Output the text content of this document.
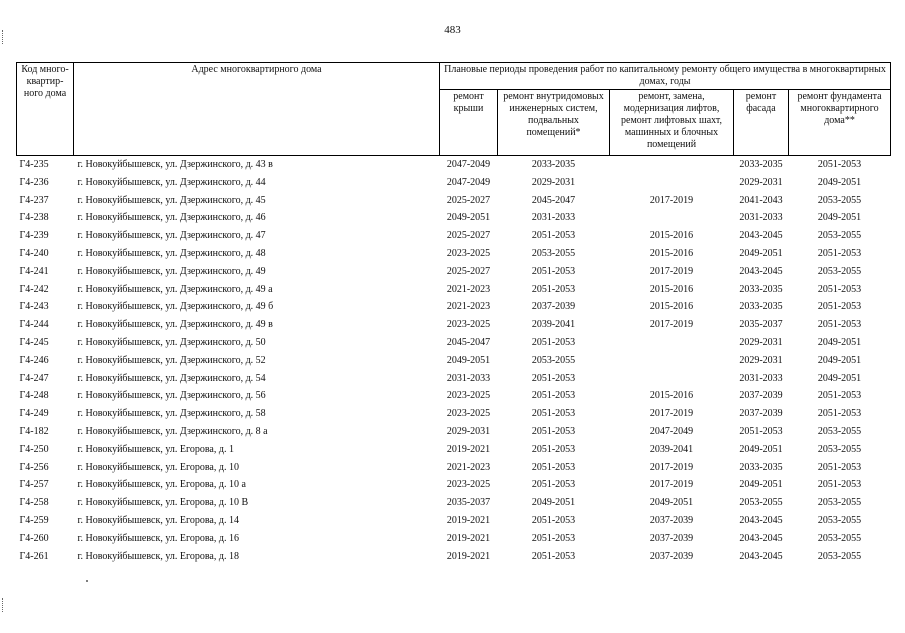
483
Код много-квартир-ного дома	Адрес многоквартирного дома	Плановые периоды проведения работ по капитальному ремонту общего имущества в многоквартирных домах, годы				
		ремонт крыши	ремонт внутридомовых инженерных систем, подвальных помещений*	ремонт, замена, модернизация лифтов, ремонт лифтовых шахт, машинных и блочных помещений	ремонт фасада	ремонт фундамента многоквартирного дома**
Г4-235	г. Новокуйбышевск, ул. Дзержинского, д. 43 в	2047-2049	2033-2035		2033-2035	2051-2053
Г4-236	г. Новокуйбышевск, ул. Дзержинского, д. 44	2047-2049	2029-2031		2029-2031	2049-2051
Г4-237	г. Новокуйбышевск, ул. Дзержинского, д. 45	2025-2027	2045-2047	2017-2019	2041-2043	2053-2055
Г4-238	г. Новокуйбышевск, ул. Дзержинского, д. 46	2049-2051	2031-2033		2031-2033	2049-2051
Г4-239	г. Новокуйбышевск, ул. Дзержинского, д. 47	2025-2027	2051-2053	2015-2016	2043-2045	2053-2055
Г4-240	г. Новокуйбышевск, ул. Дзержинского, д. 48	2023-2025	2053-2055	2015-2016	2049-2051	2051-2053
Г4-241	г. Новокуйбышевск, ул. Дзержинского, д. 49	2025-2027	2051-2053	2017-2019	2043-2045	2053-2055
Г4-242	г. Новокуйбышевск, ул. Дзержинского, д. 49 а	2021-2023	2051-2053	2015-2016	2033-2035	2051-2053
Г4-243	г. Новокуйбышевск, ул. Дзержинского, д. 49 б	2021-2023	2037-2039	2015-2016	2033-2035	2051-2053
Г4-244	г. Новокуйбышевск, ул. Дзержинского, д. 49 в	2023-2025	2039-2041	2017-2019	2035-2037	2051-2053
Г4-245	г. Новокуйбышевск, ул. Дзержинского, д. 50	2045-2047	2051-2053		2029-2031	2049-2051
Г4-246	г. Новокуйбышевск, ул. Дзержинского, д. 52	2049-2051	2053-2055		2029-2031	2049-2051
Г4-247	г. Новокуйбышевск, ул. Дзержинского, д. 54	2031-2033	2051-2053		2031-2033	2049-2051
Г4-248	г. Новокуйбышевск, ул. Дзержинского, д. 56	2023-2025	2051-2053	2015-2016	2037-2039	2051-2053
Г4-249	г. Новокуйбышевск, ул. Дзержинского, д. 58	2023-2025	2051-2053	2017-2019	2037-2039	2051-2053
Г4-182	г. Новокуйбышевск, ул. Дзержинского, д. 8 а	2029-2031	2051-2053	2047-2049	2051-2053	2053-2055
Г4-250	г. Новокуйбышевск, ул. Егорова, д. 1	2019-2021	2051-2053	2039-2041	2049-2051	2053-2055
Г4-256	г. Новокуйбышевск, ул. Егорова, д. 10	2021-2023	2051-2053	2017-2019	2033-2035	2051-2053
Г4-257	г. Новокуйбышевск, ул. Егорова, д. 10 а	2023-2025	2051-2053	2017-2019	2049-2051	2051-2053
Г4-258	г. Новокуйбышевск, ул. Егорова, д. 10 В	2035-2037	2049-2051	2049-2051	2053-2055	2053-2055
Г4-259	г. Новокуйбышевск, ул. Егорова, д. 14	2019-2021	2051-2053	2037-2039	2043-2045	2053-2055
Г4-260	г. Новокуйбышевск, ул. Егорова, д. 16	2019-2021	2051-2053	2037-2039	2043-2045	2053-2055
Г4-261	г. Новокуйбышевск, ул. Егорова, д. 18	2019-2021	2051-2053	2037-2039	2043-2045	2053-2055
